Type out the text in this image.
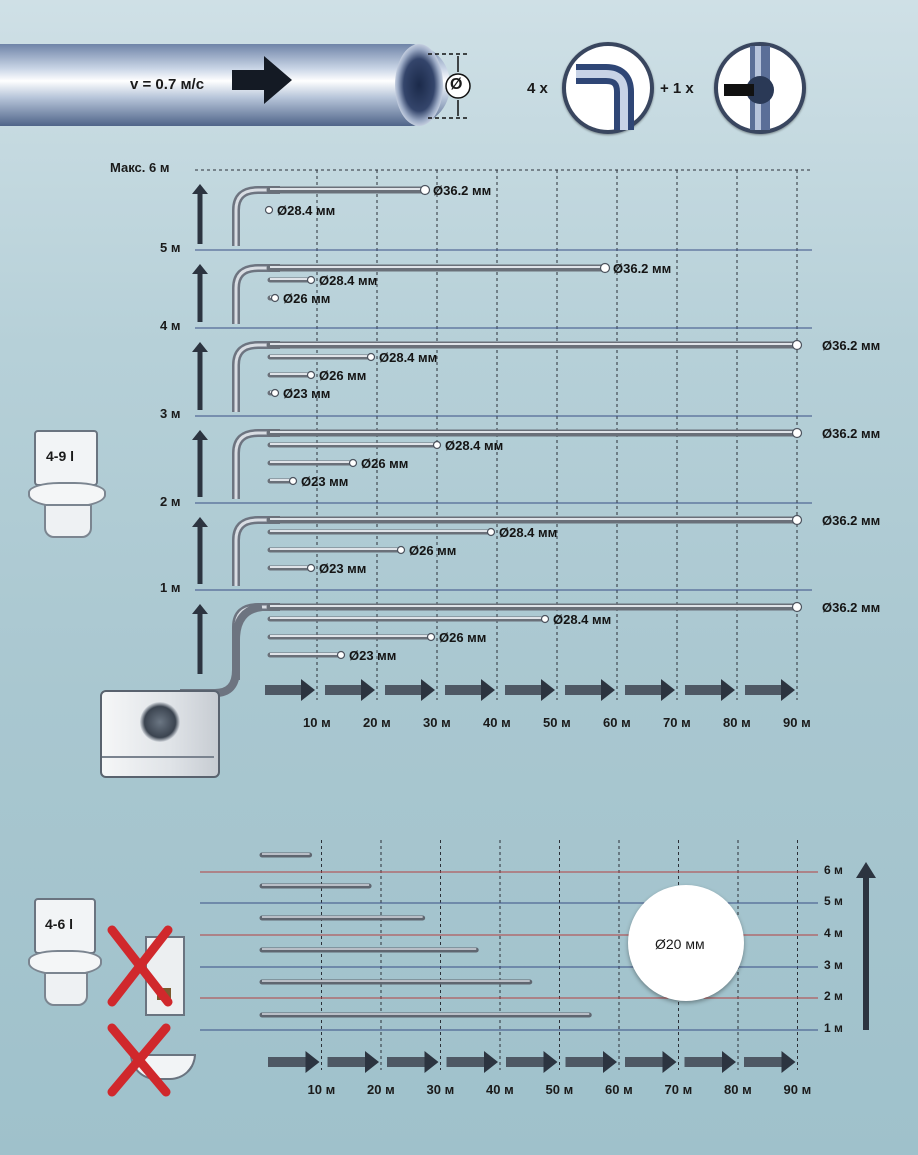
v = 0.7 м/с	Ø	4 x	+ 1 x
Ø36.2 мм
Ø28.4 мм
Ø36.2 мм
Ø28.4 мм
Ø26 мм
Ø36.2 мм
Ø28.4 мм
Ø26 мм
Ø23 мм
Ø36.2 мм
Ø28.4 мм
Ø26 мм
Ø23 мм
Ø36.2 мм
Ø28.4 мм
Ø26 мм
Ø23 мм
Ø36.2 мм
Ø28.4 мм
Ø26 мм
Ø23 мм
Макс. 6 м
5 м
4 м
3 м
2 м
1 м
4-9 l
10 м 20 м 30 м 40 м 50 м 60 м 70 м 80 м 90 м
Ø20 мм
6 м
5 м
4 м
3 м
2 м
1 м
10 м 20 м 30 м 40 м 50 м 60 м 70 м 80 м 90 м
4-6 l
